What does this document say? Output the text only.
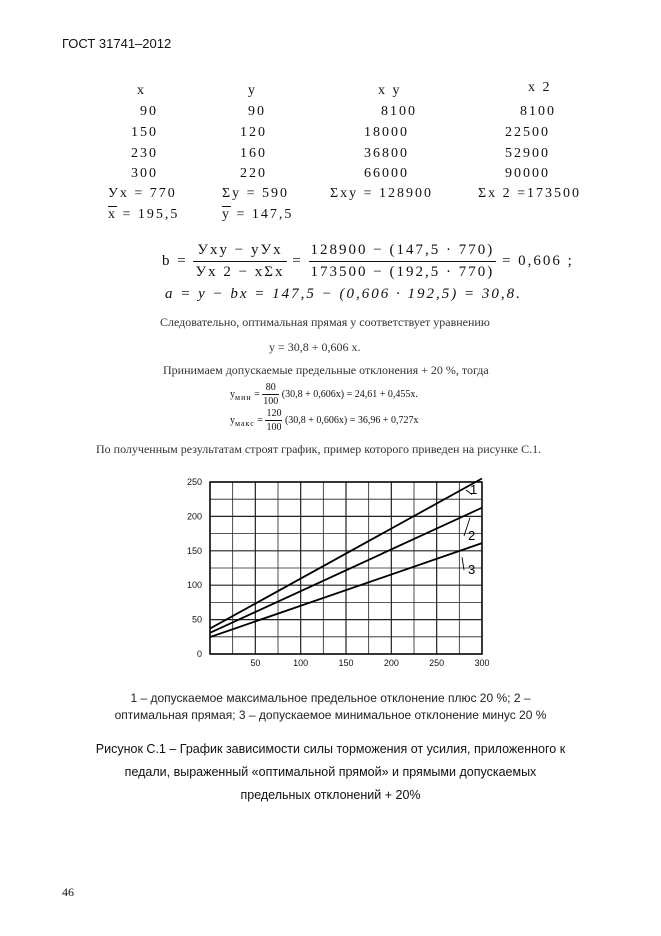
ГОСТ 31741–2012
x	y	x y	x 2
90	90	8100	8100
150	120	18000	22500
230	160	36800	52900
300	220	66000	90000
Уx = 770	Σy = 590	Σxy = 128900	Σx 2 =173500
$\overline{x} = 195,5$	$\overline{y} = 147,5$
$b = \frac{\text{Уxy − yУx}}{\text{Уx 2 − xΣx}} = \frac{128900 - (147,5 \cdot 770)}{173500 - (192,5 \cdot 770)} = 0,606$ ;
a = y − bx = 147,5 − (0,606 · 192,5) = 30,8.
Следовательно, оптимальная прямая у соответствует уравнению
у = 30,8 + 0,606 х.
Принимаем допускаемые предельные отклонения + 20 %, тогда
$y_{мин} = \frac{80}{100} (30,8 + 0,606x) = 24,61 + 0,455x$.
$y_{макс} = \frac{120}{100} (30,8 + 0,606x) = 36,96 + 0,727x$
По полученным результатам строят график, пример которого приведен на рисунке С.1.
50	100	150	200	250	300
0
50
100
150
200
250	1
2
3
1 – допускаемое максимальное предельное отклонение плюс 20 %; 2 –
оптимальная прямая; 3 – допускаемое минимальное отклонение минус 20 %
Рисунок С.1 – График зависимости силы торможения от усилия, приложенного к
педали, выраженный «оптимальной прямой» и прямыми допускаемых
предельных отклонений + 20%
46
